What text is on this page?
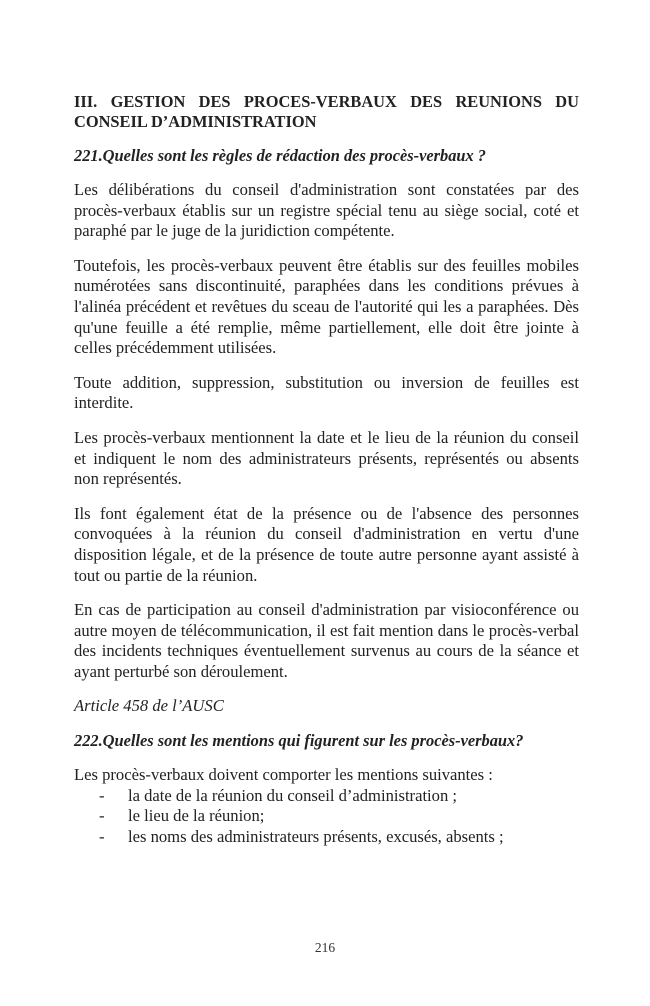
III. GESTION DES PROCES-VERBAUX DES REUNIONS DU CONSEIL D’ADMINISTRATION
221.Quelles sont les règles de rédaction des procès-verbaux ?

Les délibérations du conseil d'administration sont constatées par des procès-verbaux établis sur un registre spécial tenu au siège social, coté et paraphé par le juge de la juridiction compétente.

Toutefois, les procès-verbaux peuvent être établis sur des feuilles mobiles numérotées sans discontinuité, paraphées dans les conditions prévues à l'alinéa précédent et revêtues du sceau de l'autorité qui les a paraphées. Dès qu'une feuille a été remplie, même partiellement, elle doit être jointe à celles précédemment utilisées.

Toute addition, suppression, substitution ou inversion de feuilles est interdite.

Les procès-verbaux mentionnent la date et le lieu de la réunion du conseil et indiquent le nom des administrateurs présents, représentés ou absents non représentés.

Ils font également état de la présence ou de l'absence des personnes convoquées à la réunion du conseil d'administration en vertu d'une disposition légale, et de la présence de toute autre personne ayant assisté à tout ou partie de la réunion.

En cas de participation au conseil d'administration par visioconférence ou autre moyen de télécommunication, il est fait mention dans le procès-verbal des incidents techniques éventuellement survenus au cours de la séance et ayant perturbé son déroulement.

Article 458 de l’AUSC

222.Quelles sont les mentions qui figurent sur les procès-verbaux?

Les procès-verbaux doivent comporter les mentions suivantes :

-	la date de la réunion du conseil d’administration ;
-	le lieu de la réunion;
-	les noms des administrateurs présents, excusés, absents ;
216
